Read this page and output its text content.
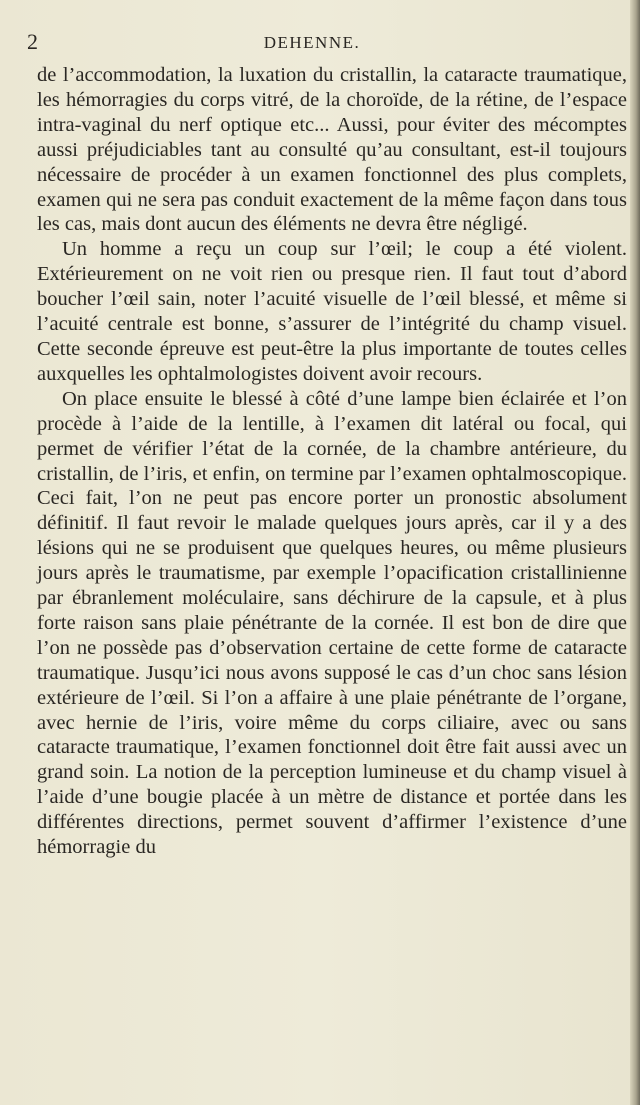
2	DEHENNE.

de l’accommodation, la luxation du cristallin, la cataracte traumatique, les hémorragies du corps vitré, de la choroïde, de la rétine, de l’espace intra-vaginal du nerf optique etc... Aussi, pour éviter des mécomptes aussi préjudiciables tant au consulté qu’au consultant, est-il toujours nécessaire de procéder à un examen fonctionnel des plus complets, examen qui ne sera pas conduit exactement de la même façon dans tous les cas, mais dont aucun des éléments ne devra être négligé.

Un homme a reçu un coup sur l’œil; le coup a été violent. Extérieurement on ne voit rien ou presque rien. Il faut tout d’abord boucher l’œil sain, noter l’acuité visuelle de l’œil blessé, et même si l’acuité centrale est bonne, s’assurer de l’intégrité du champ visuel. Cette seconde épreuve est peut-être la plus importante de toutes celles auxquelles les ophtalmologistes doivent avoir recours.

On place ensuite le blessé à côté d’une lampe bien éclairée et l’on procède à l’aide de la lentille, à l’examen dit latéral ou focal, qui permet de vérifier l’état de la cornée, de la chambre antérieure, du cristallin, de l’iris, et enfin, on termine par l’examen ophtalmoscopique. Ceci fait, l’on ne peut pas encore porter un pronostic absolument définitif. Il faut revoir le malade quelques jours après, car il y a des lésions qui ne se produisent que quelques heures, ou même plusieurs jours après le traumatisme, par exemple l’opacification cristallinienne par ébranlement moléculaire, sans déchirure de la capsule, et à plus forte raison sans plaie pénétrante de la cornée. Il est bon de dire que l’on ne possède pas d’observation certaine de cette forme de cataracte traumatique. Jusqu’ici nous avons supposé le cas d’un choc sans lésion extérieure de l’œil. Si l’on a affaire à une plaie pénétrante de l’organe, avec hernie de l’iris, voire même du corps ciliaire, avec ou sans cataracte traumatique, l’examen fonctionnel doit être fait aussi avec un grand soin. La notion de la perception lumineuse et du champ visuel à l’aide d’une bougie placée à un mètre de distance et portée dans les différentes directions, permet souvent d’affirmer l’existence d’une hémorragie du
